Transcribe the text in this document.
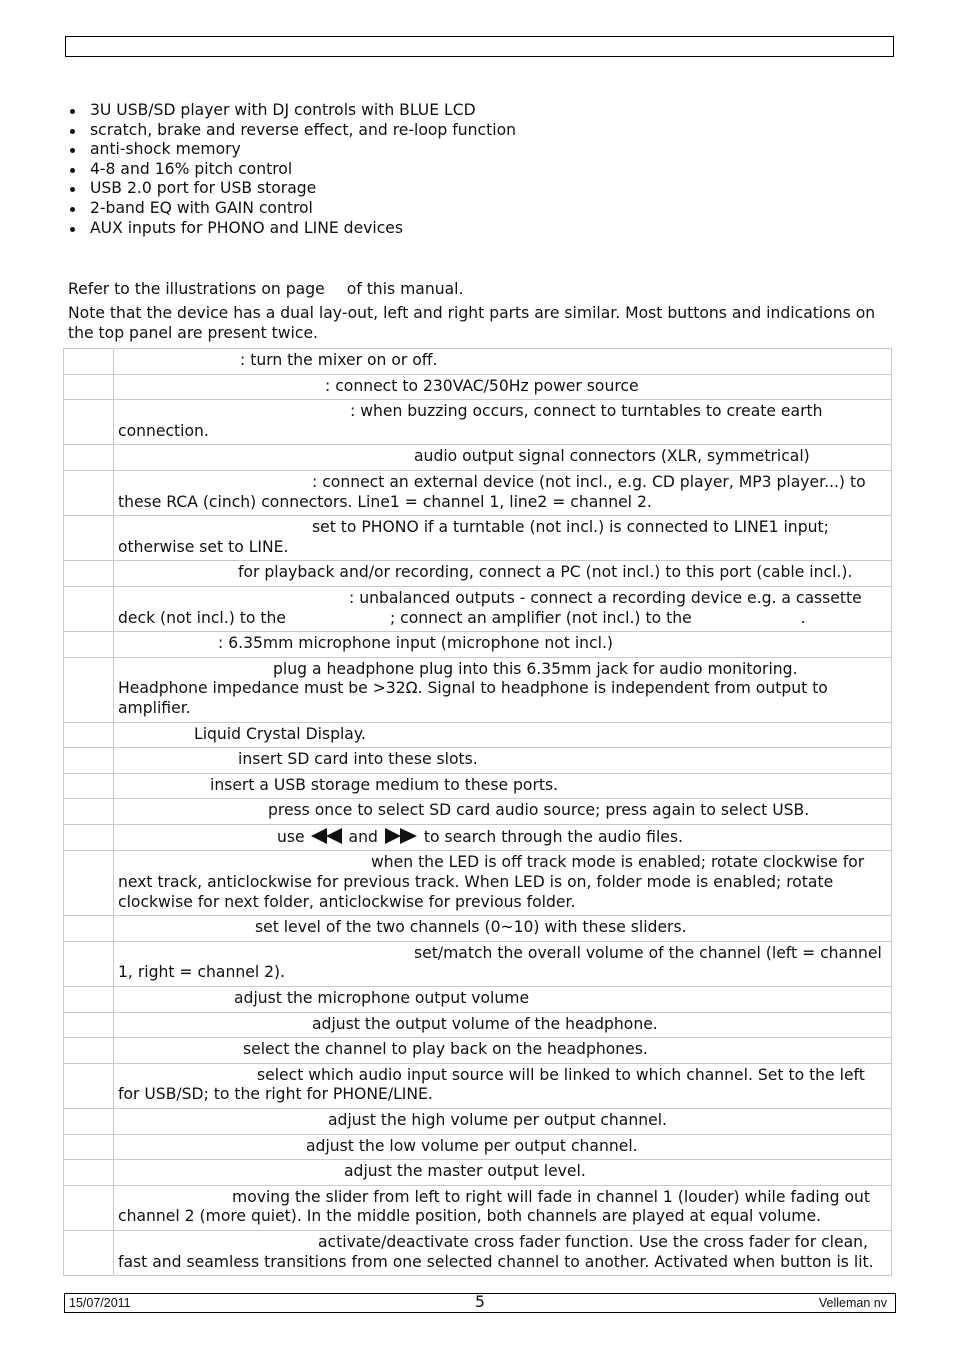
3U USB/SD player with DJ controls with BLUE LCD
scratch, brake and reverse effect, and re-loop function
anti-shock memory
4-8 and 16% pitch control
USB 2.0 port for USB storage
2-band EQ with GAIN control
AUX inputs for PHONO and LINE devices

Refer to the illustrations on page of this manual.

Note that the device has a dual lay-out, left and right parts are similar. Most buttons and indications on the top panel are present twice.

	: turn the mixer on or off.
	: connect to 230VAC/50Hz power source
	: when buzzing occurs, connect to turntables to create earth connection.
	audio output signal connectors (XLR, symmetrical)
	: connect an external device (not incl., e.g. CD player, MP3 player...) to these RCA (cinch) connectors. Line1 = channel 1, line2 = channel 2.
	set to PHONO if a turntable (not incl.) is connected to LINE1 input; otherwise set to LINE.
	for playback and/or recording, connect a PC (not incl.) to this port (cable incl.).
	: unbalanced outputs - connect a recording device e.g. a cassette deck (not incl.) to the ; connect an amplifier (not incl.) to the .
	: 6.35mm microphone input (microphone not incl.)
	plug a headphone plug into this 6.35mm jack for audio monitoring. Headphone impedance must be >32Ω. Signal to headphone is independent from output to amplifier.
	Liquid Crystal Display.
	insert SD card into these slots.
	insert a USB storage medium to these ports.
	press once to select SD card audio source; press again to select USB.
	use and to search through the audio files.
	when the LED is off track mode is enabled; rotate clockwise for next track, anticlockwise for previous track. When LED is on, folder mode is enabled; rotate clockwise for next folder, anticlockwise for previous folder.
	set level of the two channels (0~10) with these sliders.
	set/match the overall volume of the channel (left = channel 1, right = channel 2).
	adjust the microphone output volume
	adjust the output volume of the headphone.
	select the channel to play back on the headphones.
	select which audio input source will be linked to which channel. Set to the left for USB/SD; to the right for PHONE/LINE.
	adjust the high volume per output channel.
	adjust the low volume per output channel.
	adjust the master output level.
	moving the slider from left to right will fade in channel 1 (louder) while fading out channel 2 (more quiet). In the middle position, both channels are played at equal volume.
	activate/deactivate cross fader function. Use the cross fader for clean, fast and seamless transitions from one selected channel to another. Activated when button is lit.
15/07/2011	5	Velleman nv
